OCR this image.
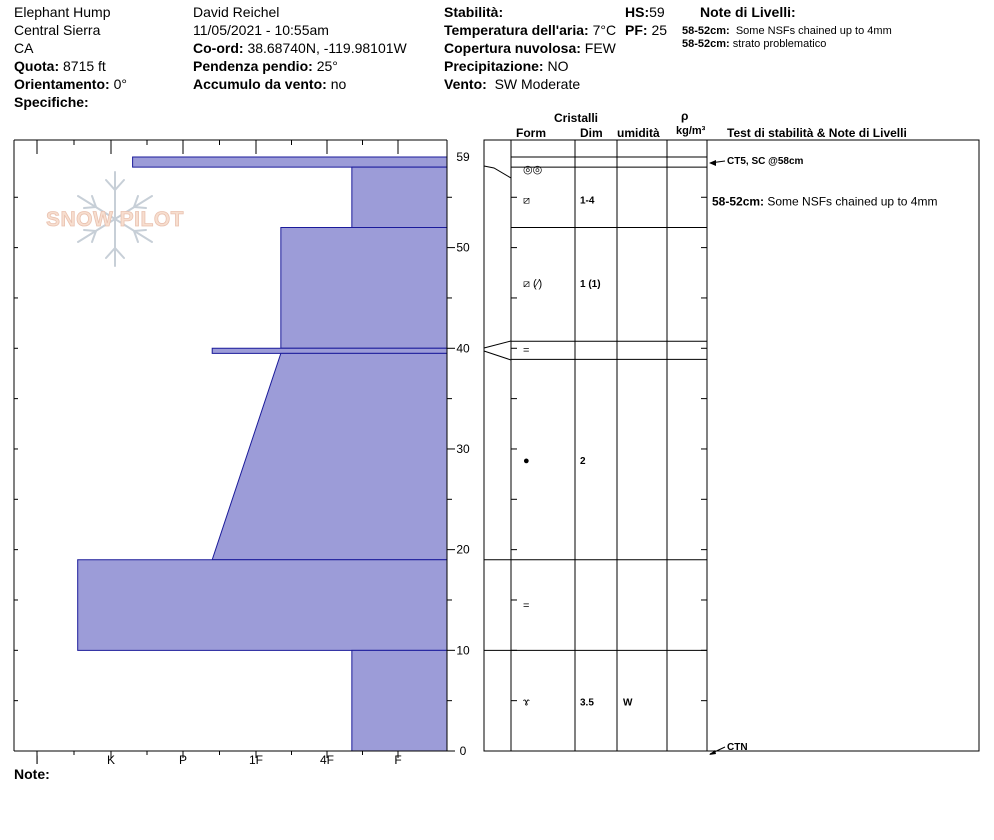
Elephant Hump
Central Sierra
CA
Quota: 8715 ft
Orientamento: 0°
Specifiche:
David Reichel
11/05/2021 - 10:55am
Co-ord: 38.68740N, -119.98101W
Pendenza pendio: 25°
Accumulo da vento: no
Stabilità:
Temperatura dell'aria: 7°C
Copertura nuvolosa: FEW
Precipitazione: NO
Vento: SW Moderate
HS:59
PF: 25
Note di Livelli:
58-52cm: Some NSFs chained up to 4mm
58-52cm: strato problematico
Cristalli
Form	Dim umidità
ρ
kg/m³ Test di stabilità & Note di Livelli
Note:
SNOW PILOT
0
10
20
30
40
50
59
I	K	P	1F	4F	F
◎◎
⧄	1-4
⧄ (⁄)	1 (1)
=
●	2
=
ɤ	3.5	W
CT5, SC @58cm
CTN
58-52cm: Some NSFs chained up to 4mm
